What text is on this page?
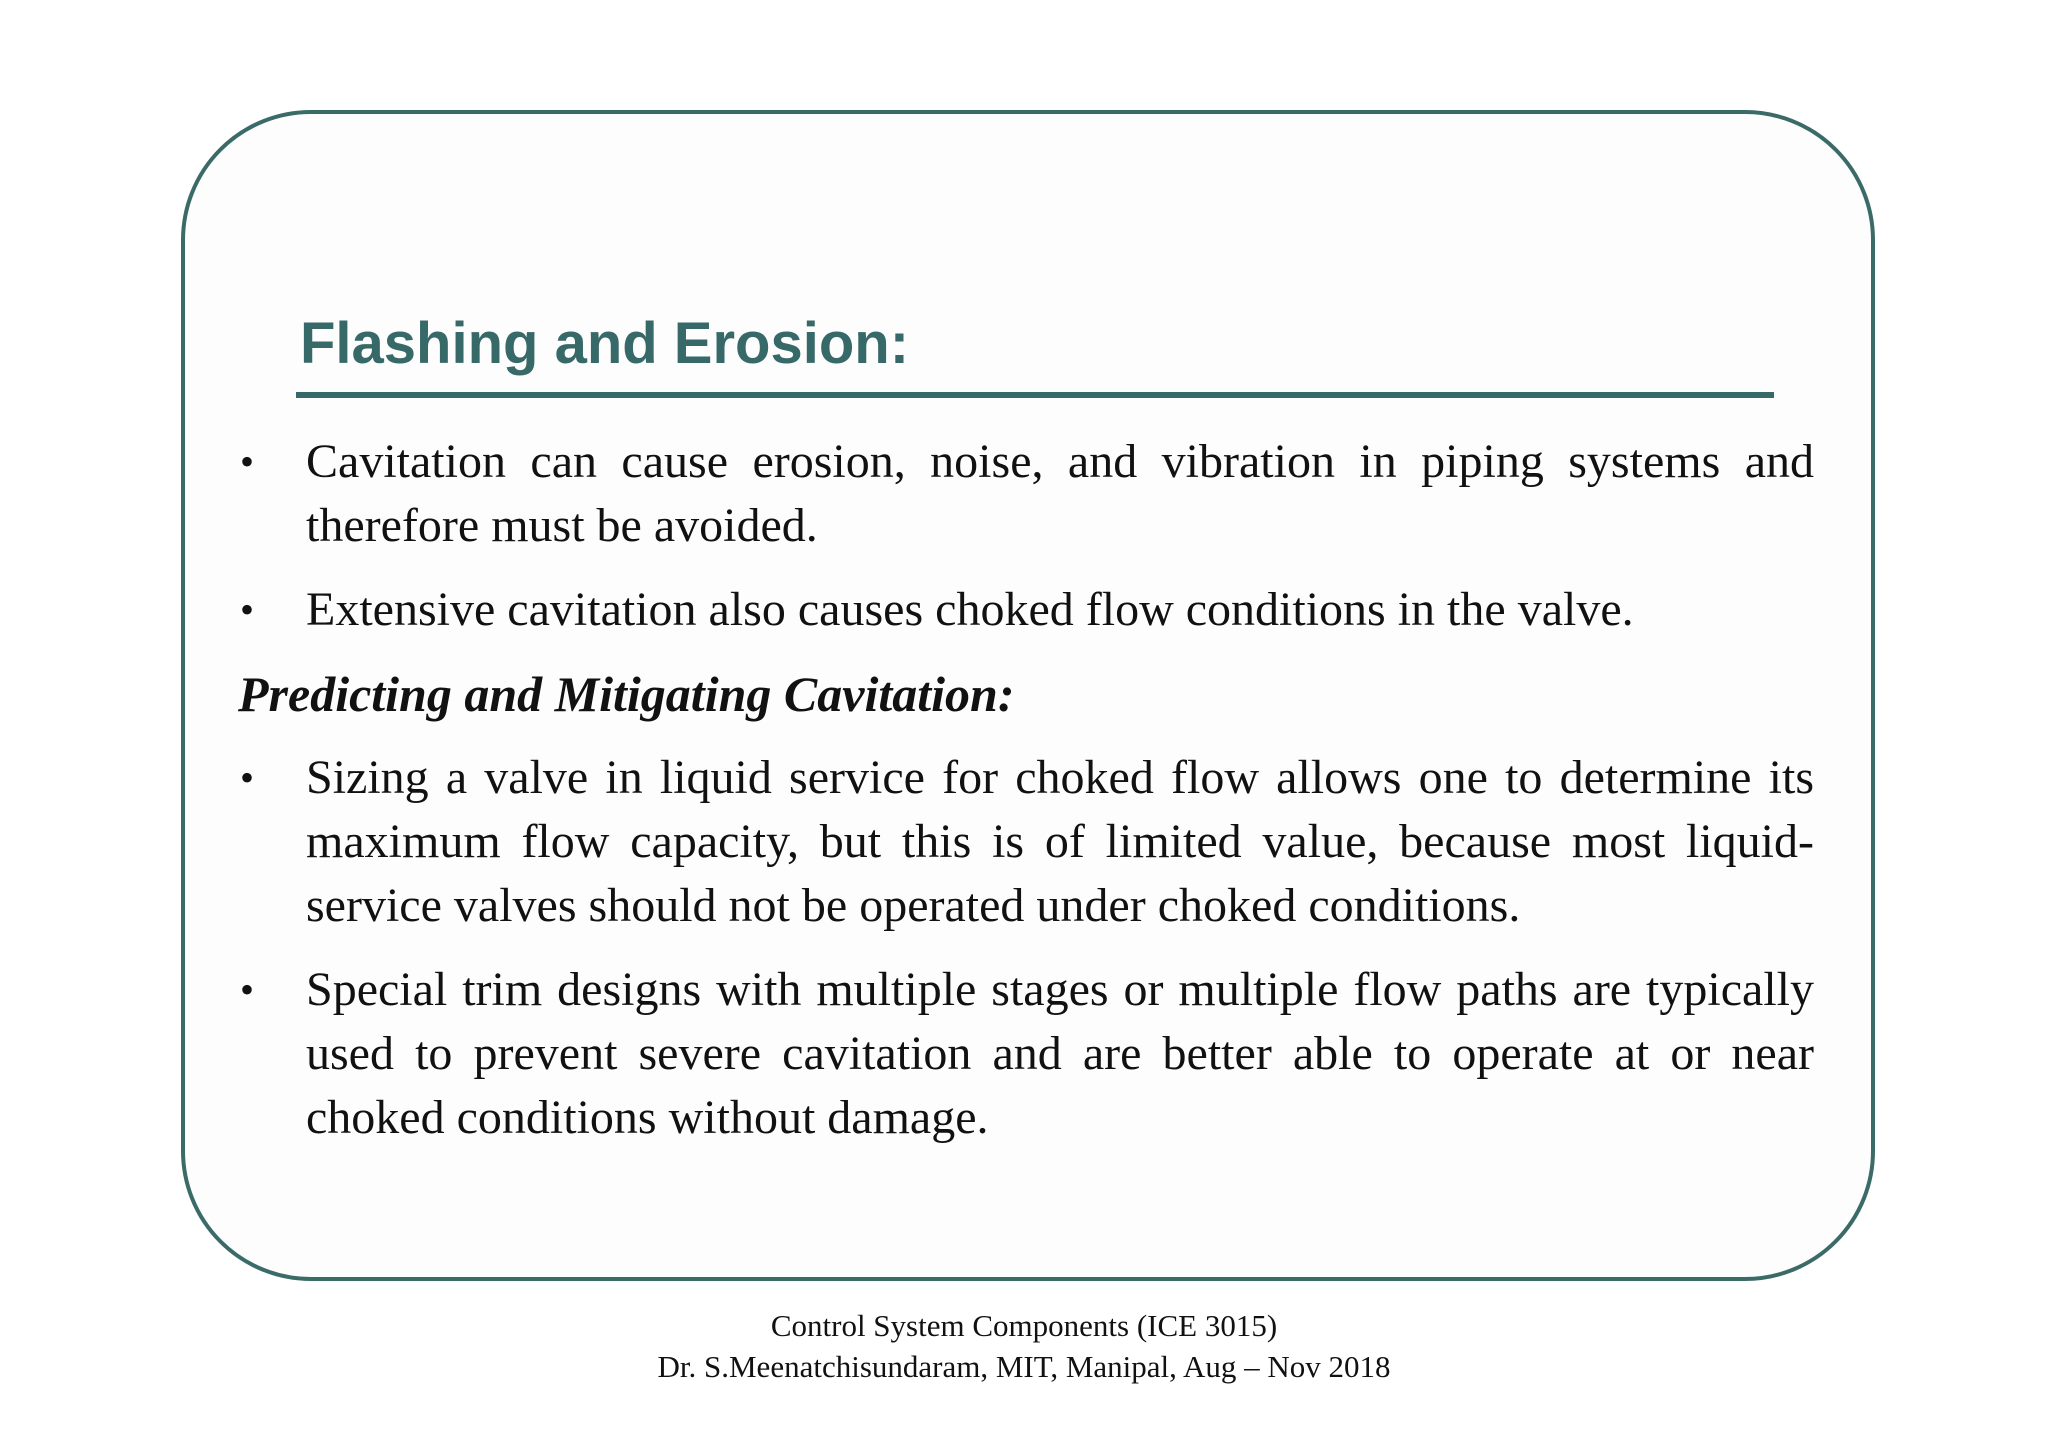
Flashing and Erosion:

• Cavitation can cause erosion, noise, and vibration in piping systems and therefore must be avoided.

• Extensive cavitation also causes choked flow conditions in the valve.

Predicting and Mitigating Cavitation:

• Sizing a valve in liquid service for choked flow allows one to determine its maximum flow capacity, but this is of limited value, because most liquid-service valves should not be operated under choked conditions.

• Special trim designs with multiple stages or multiple flow paths are typically used to prevent severe cavitation and are better able to operate at or near choked conditions without damage.

Control System Components (ICE 3015)
Dr. S.Meenatchisundaram, MIT, Manipal, Aug – Nov 2018
